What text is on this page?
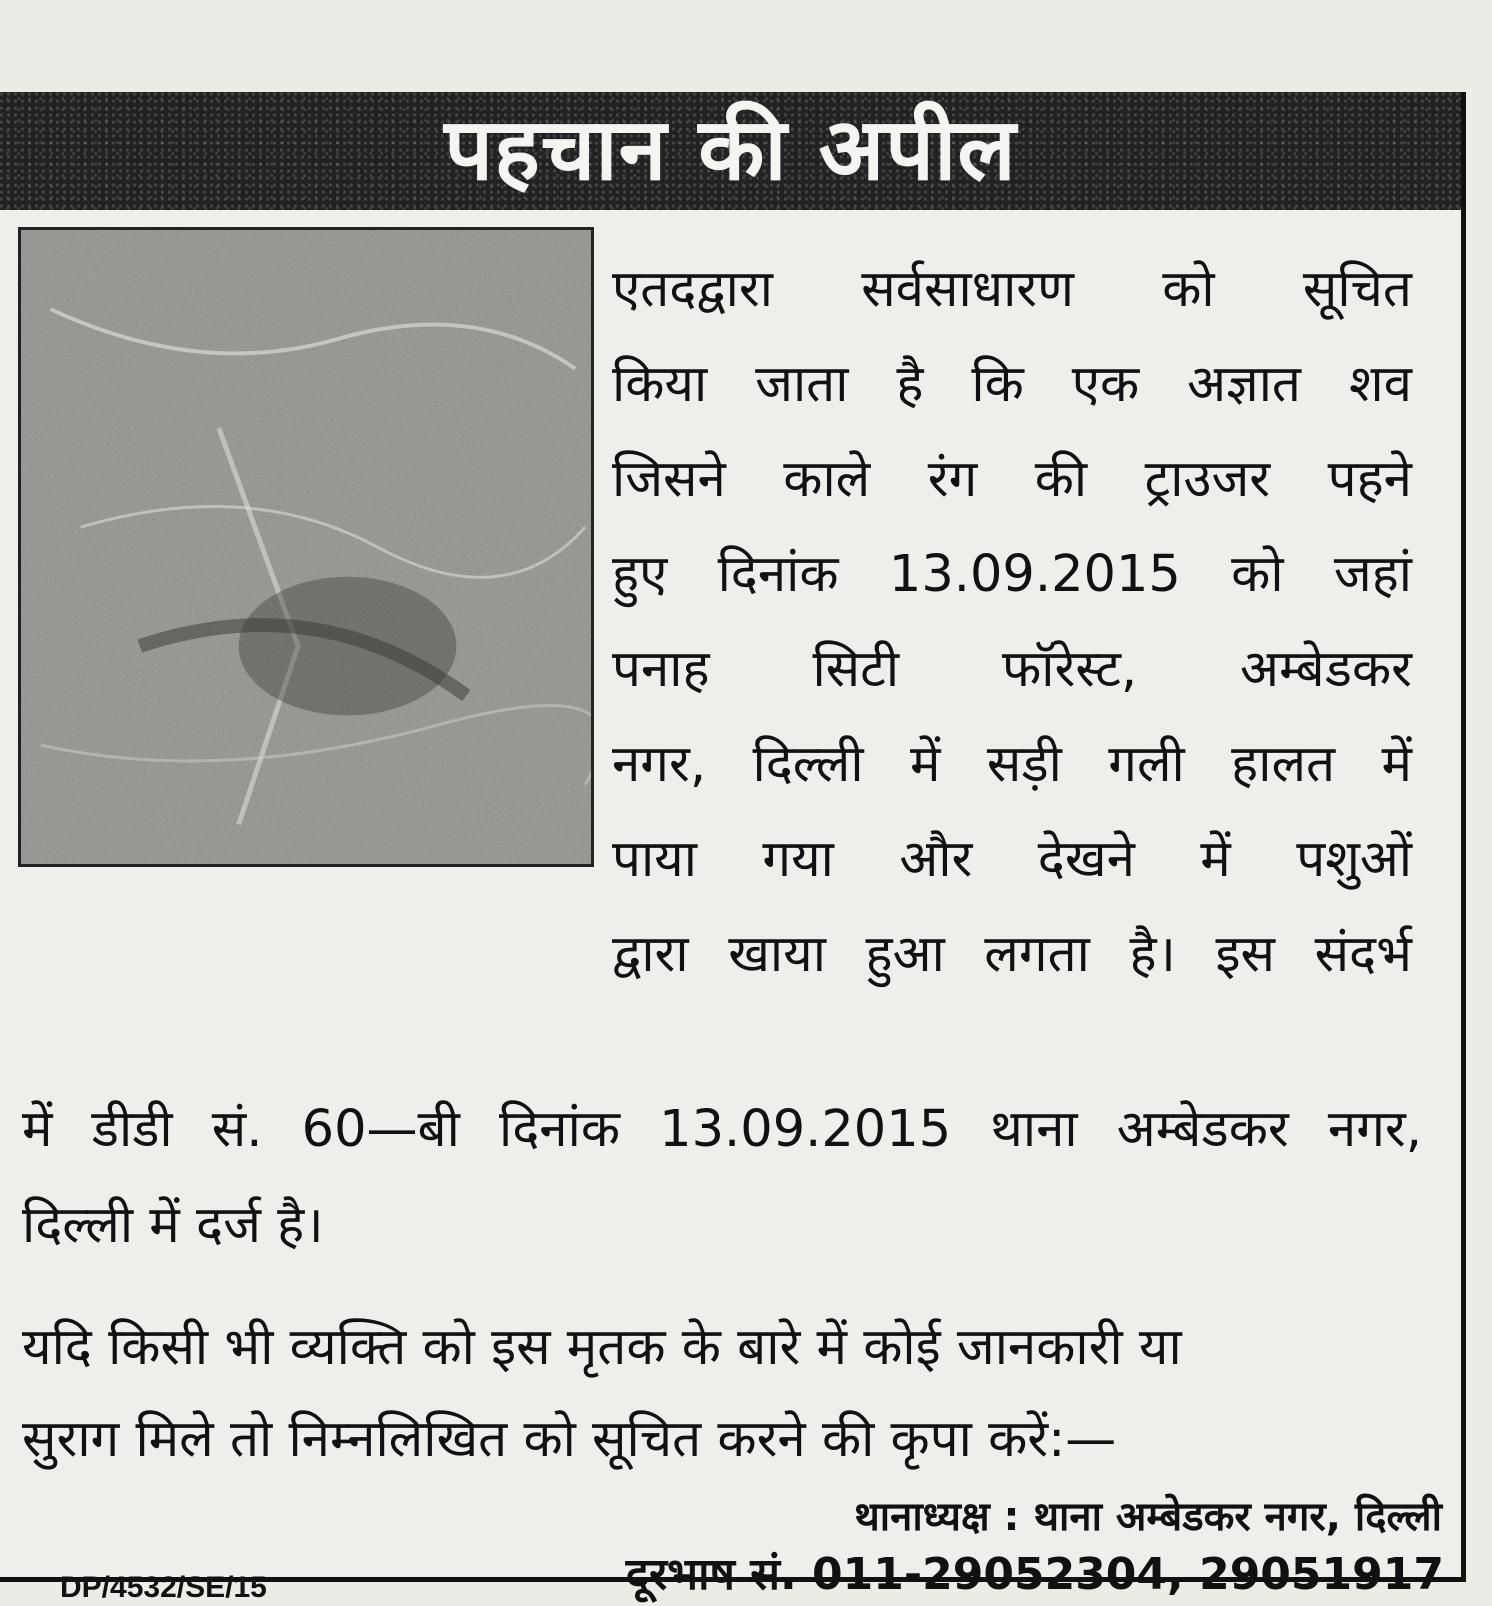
पहचान की अपील
एतदद्वारा सर्वसाधारण को सूचित
किया जाता है कि एक अज्ञात शव
जिसने काले रंग की ट्राउजर पहने
हुए दिनांक 13.09.2015 को जहां
पनाह सिटी फॉरेस्ट, अम्बेडकर
नगर, दिल्ली में सड़ी गली हालत में
पाया गया और देखने में पशुओं
द्वारा खाया हुआ लगता है। इस संदर्भ
में डीडी सं. 60—बी दिनांक 13.09.2015 थाना अम्बेडकर नगर,
दिल्ली में दर्ज है।
यदि किसी भी व्यक्ति को इस मृतक के बारे में कोई जानकारी या
सुराग मिले तो निम्नलिखित को सूचित करने की कृपा करें:—
थानाध्यक्ष : थाना अम्बेडकर नगर, दिल्ली
दूरभाष सं. 011-29052304, 29051917
DP/4532/SE/15
